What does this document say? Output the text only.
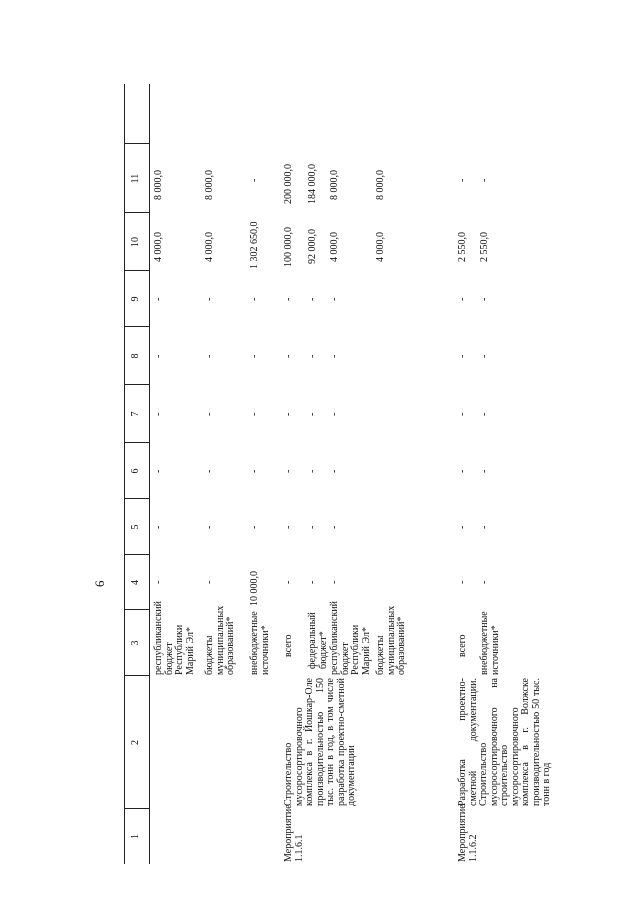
6
1
2
3
4
5
6
7
8
9
10
11
республиканский
бюджет
Республики
Марий Эл*
-
-
-
-
-
-
4 000,0
8 000,0
бюджеты
муниципальных
образований*
-
-
-
-
-
-
4 000,0
8 000,0
внебюджетные
источники*
10 000,0
-
-
-
-
-
1 302 650,0
-
Мероприятие
1.1.6.1
Строительство мусоросортировочного комплекса в г. Йошкар-Оле производительностью 150 тыс. тонн в год, в том числе разработка проектно-сметной документации
всего
-
-
-
-
-
-
100 000,0
200 000,0
федеральный
бюджет*
-
-
-
-
-
-
92 000,0
184 000,0
республиканский
бюджет
Республики
Марий Эл*
-
-
-
-
-
-
4 000,0
8 000,0
бюджеты
муниципальных
образований*
4 000,0
8 000,0
Мероприятие
1.1.6.2
Разработка проектно- сметной документации. Строительство мусоросортировочного на строительство мусоросортировочного комплекса в г. Волжске производительностью 50 тыс. тонн в год
всего
-
-
-
-
-
-
2 550,0
-
внебюджетные
источники*
-
-
-
-
-
-
2 550,0
-
